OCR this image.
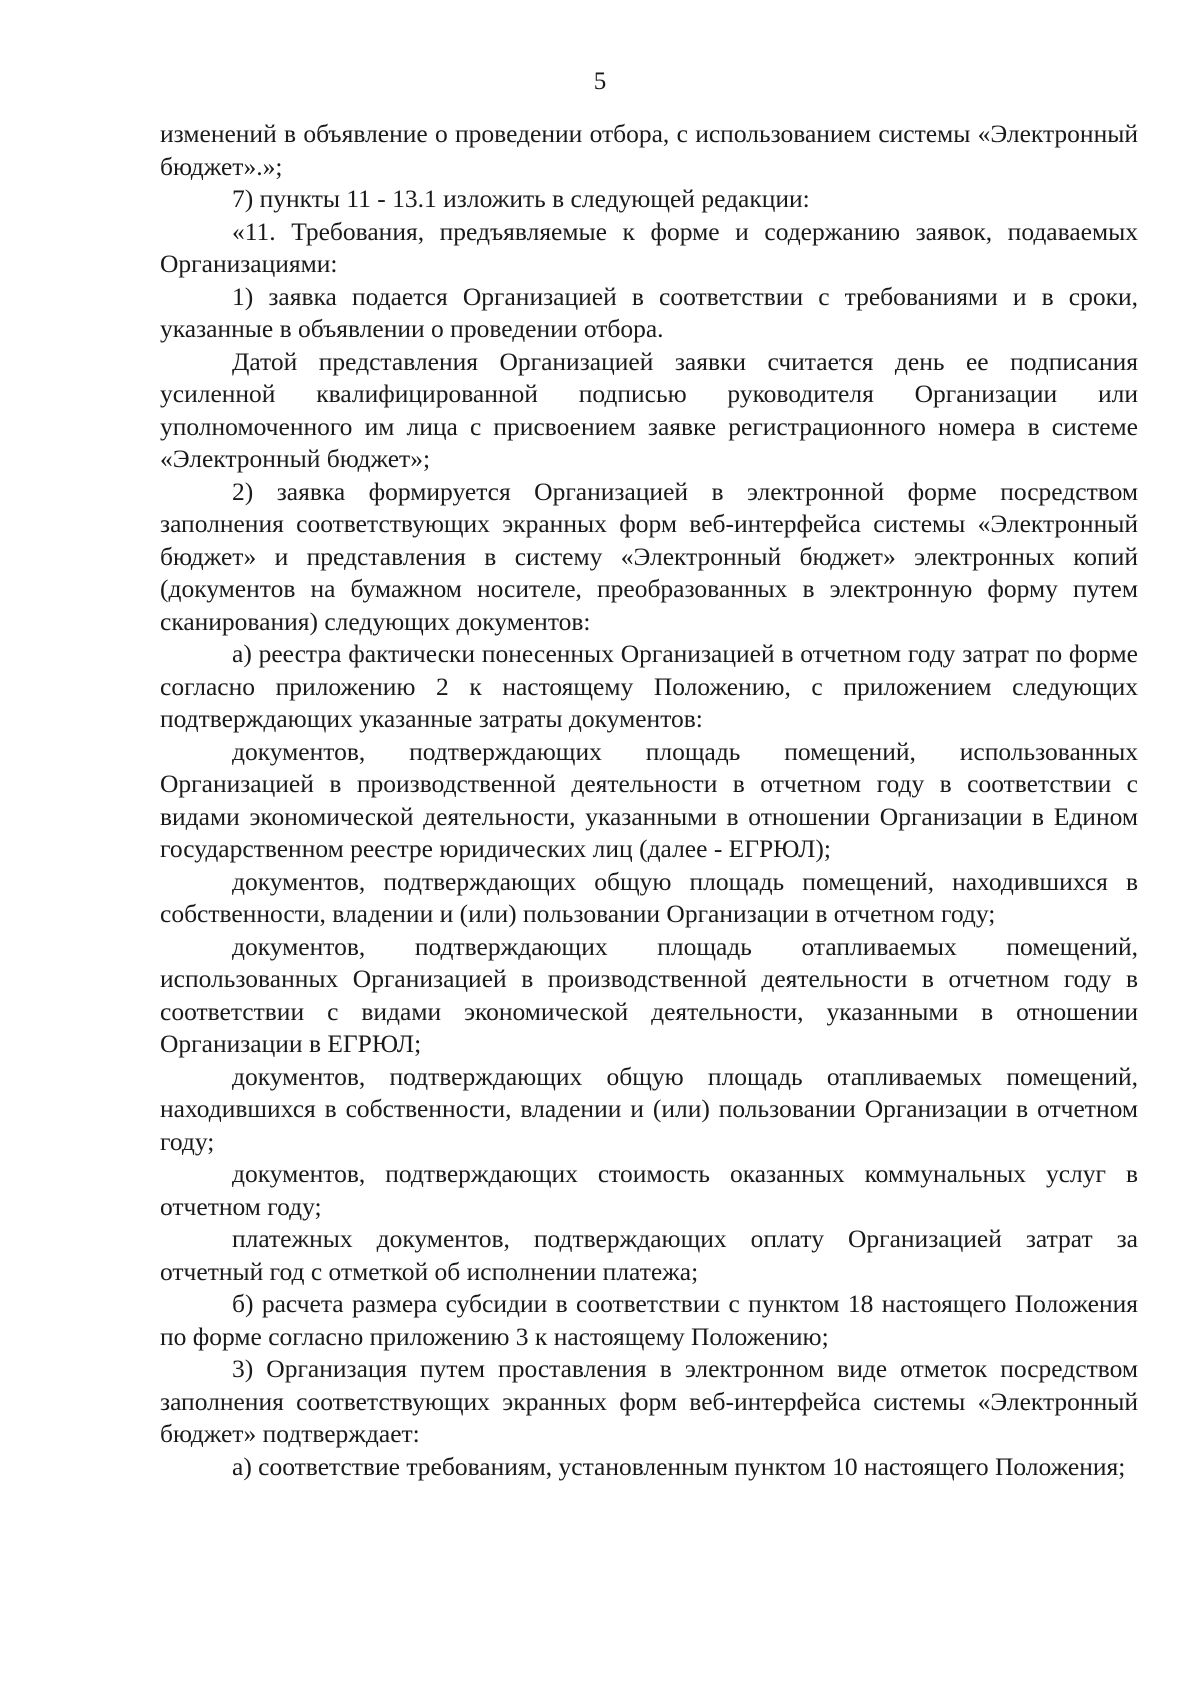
5

изменений в объявление о проведении отбора, с использованием системы «Электронный бюджет».»;

7) пункты 11 - 13.1 изложить в следующей редакции:

«11. Требования, предъявляемые к форме и содержанию заявок, подаваемых Организациями:

1) заявка подается Организацией в соответствии с требованиями и в сроки, указанные в объявлении о проведении отбора.

Датой представления Организацией заявки считается день ее подписания усиленной квалифицированной подписью руководителя Организации или уполномоченного им лица с присвоением заявке регистрационного номера в системе «Электронный бюджет»;

2) заявка формируется Организацией в электронной форме посредством заполнения соответствующих экранных форм веб-интерфейса системы «Электронный бюджет» и представления в систему «Электронный бюджет» электронных копий (документов на бумажном носителе, преобразованных в электронную форму путем сканирования) следующих документов:

а) реестра фактически понесенных Организацией в отчетном году затрат по форме согласно приложению 2 к настоящему Положению, с приложением следующих подтверждающих указанные затраты документов:

документов, подтверждающих площадь помещений, использованных Организацией в производственной деятельности в отчетном году в соответствии с видами экономической деятельности, указанными в отношении Организации в Едином государственном реестре юридических лиц (далее - ЕГРЮЛ);

документов, подтверждающих общую площадь помещений, находившихся в собственности, владении и (или) пользовании Организации в отчетном году;

документов, подтверждающих площадь отапливаемых помещений, использованных Организацией в производственной деятельности в отчетном году в соответствии с видами экономической деятельности, указанными в отношении Организации в ЕГРЮЛ;

документов, подтверждающих общую площадь отапливаемых помещений, находившихся в собственности, владении и (или) пользовании Организации в отчетном году;

документов, подтверждающих стоимость оказанных коммунальных услуг в отчетном году;

платежных документов, подтверждающих оплату Организацией затрат за отчетный год с отметкой об исполнении платежа;

б) расчета размера субсидии в соответствии с пунктом 18 настоящего Положения по форме согласно приложению 3 к настоящему Положению;

3) Организация путем проставления в электронном виде отметок посредством заполнения соответствующих экранных форм веб-интерфейса системы «Электронный бюджет» подтверждает:

а) соответствие требованиям, установленным пунктом 10 настоящего Положения;
